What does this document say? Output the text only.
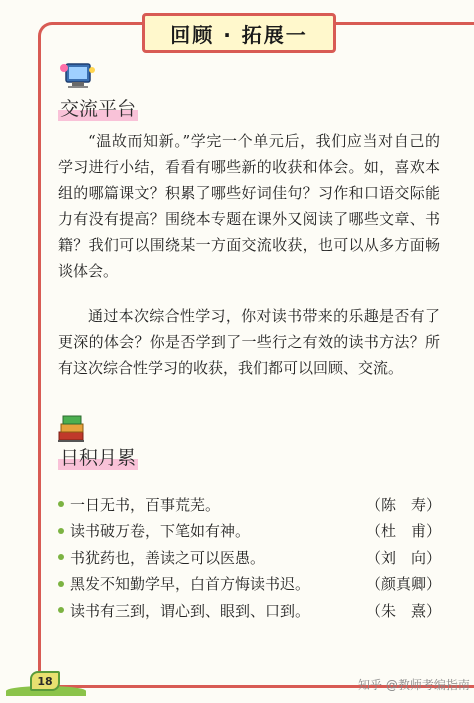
回顾 · 拓展一
交流平台

“温故而知新。”学完一个单元后，我们应当对自己的学习进行小结，看看有哪些新的收获和体会。如，喜欢本组的哪篇课文？积累了哪些好词佳句？习作和口语交际能力有没有提高？围绕本专题在课外又阅读了哪些文章、书籍？我们可以围绕某一方面交流收获，也可以从多方面畅谈体会。

通过本次综合性学习，你对读书带来的乐趣是否有了更深的体会？你是否学到了一些行之有效的读书方法？所有这次综合性学习的收获，我们都可以回顾、交流。

日积月累
一日无书，百事荒芜。	（陈　寿）
读书破万卷，下笔如有神。	（杜　甫）
书犹药也，善读之可以医愚。	（刘　向）
黑发不知勤学早，白首方悔读书迟。	（颜真卿）
读书有三到，谓心到、眼到、口到。	（朱　熹）
18	知乎 @教师考编指南
